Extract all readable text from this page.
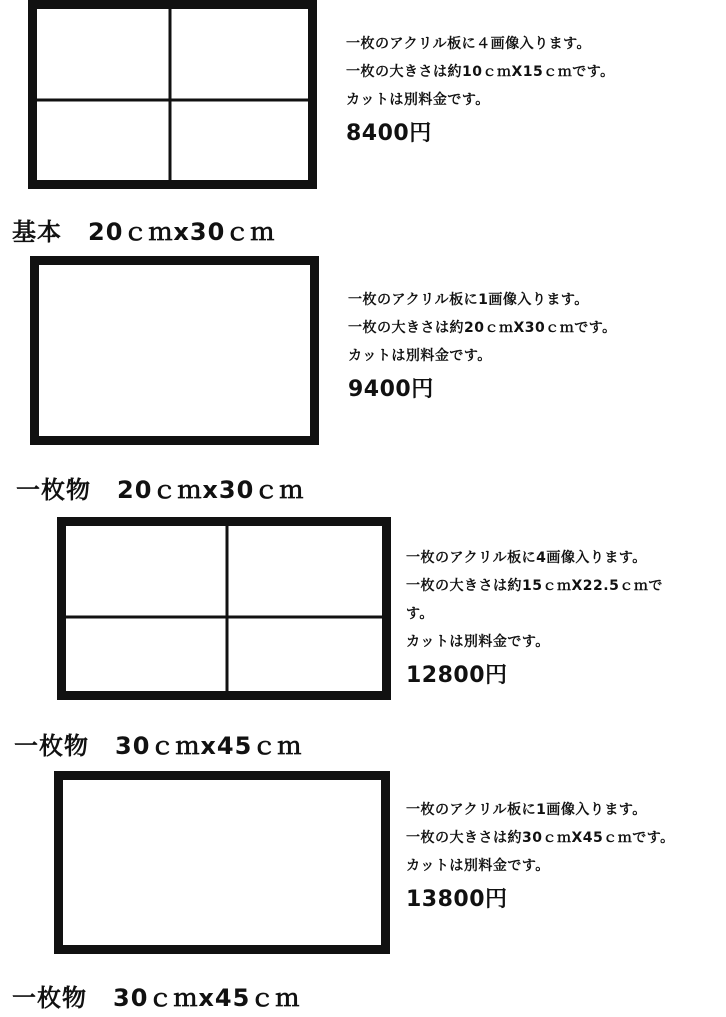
一枚のアクリル板に４画像入ります。
一枚の大きさは約10ｃｍX15ｃｍです。
カットは別料金です。
8400円
基本 20ｃｍx30ｃｍ
一枚のアクリル板に1画像入ります。
一枚の大きさは約20ｃｍX30ｃｍです。
カットは別料金です。
9400円
一枚物 20ｃｍx30ｃｍ
一枚のアクリル板に4画像入ります。
一枚の大きさは約15ｃｍX22.5ｃｍで
す。
カットは別料金です。
12800円
一枚物 30ｃｍx45ｃｍ
一枚のアクリル板に1画像入ります。
一枚の大きさは約30ｃｍX45ｃｍです。
カットは別料金です。
13800円
一枚物 30ｃｍx45ｃｍ
